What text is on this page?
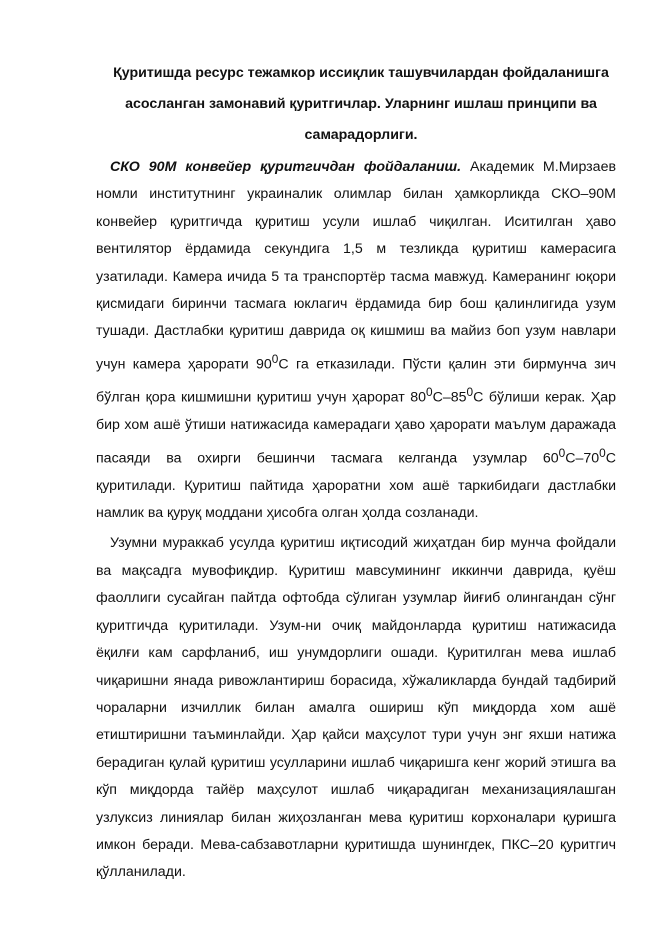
Қуритишда ресурс тежамкор иссиқлик ташувчилардан фойдаланишга асосланган замонавий қуритгичлар. Уларнинг ишлаш принципи ва самарадорлиги.

СКО 90М конвейер қуритгичдан фойдаланиш. Академик М.Мирзаев номли институтнинг украиналик олимлар билан ҳамкорликда СКО–90М конвейер қуритгичда қуритиш усули ишлаб чиқилган. Иситилган ҳаво вентилятор ёрдамида секундига 1,5 м тезликда қуритиш камерасига узатилади. Камера ичида 5 та транспортёр тасма мавжуд. Камеранинг юқори қисмидаги биринчи тасмага юклагич ёрдамида бир бош қалинлигида узум тушади. Дастлабки қуритиш даврида оқ кишмиш ва майиз боп узум навлари учун камера ҳарорати $90^0С$ га етказилади. Пўсти қалин эти бирмунча зич бўлган қора кишмишни қуритиш учун ҳарорат $80^0С-85^0С$ бўлиши керак. Ҳар бир хом ашё ўтиши натижасида камерадаги ҳаво ҳарорати маълум даражада пасаяди ва охирги бешинчи тасмага келганда узумлар $60^0С-70^0С$ қуритилади. Қуритиш пайтида ҳароратни хом ашё таркибидаги дастлабки намлик ва қуруқ моддани ҳисобга олган ҳолда созланади.

Узумни мураккаб усулда қуритиш иқтисодий жиҳатдан бир мунча фойдали ва мақсадга мувофиқдир. Қуритиш мавсумининг иккинчи даврида, қуёш фаоллиги сусайган пайтда офтобда сўлиган узумлар йиғиб олингандан сўнг қуритгичда қуритилади. Узум-ни очиқ майдонларда қуритиш натижасида ёқилғи кам сарфланиб, иш унумдорлиги ошади. Қуритилган мева ишлаб чиқаришни янада ривожлантириш борасида, хўжаликларда бундай тадбирий чораларни изчиллик билан амалга ошириш кўп миқдорда хом ашё етиштиришни таъминлайди. Ҳар қайси маҳсулот тури учун энг яхши натижа берадиган қулай қуритиш усулларини ишлаб чиқаришга кенг жорий этишга ва кўп миқдорда тайёр маҳсулот ишлаб чиқарадиган механизациялашган узлуксиз линиялар билан жиҳозланган мева қуритиш корхоналари қуришга имкон беради. Мева-сабзавотларни қуритишда шунингдек, ПКС–20 қуритгич қўлланилади.
